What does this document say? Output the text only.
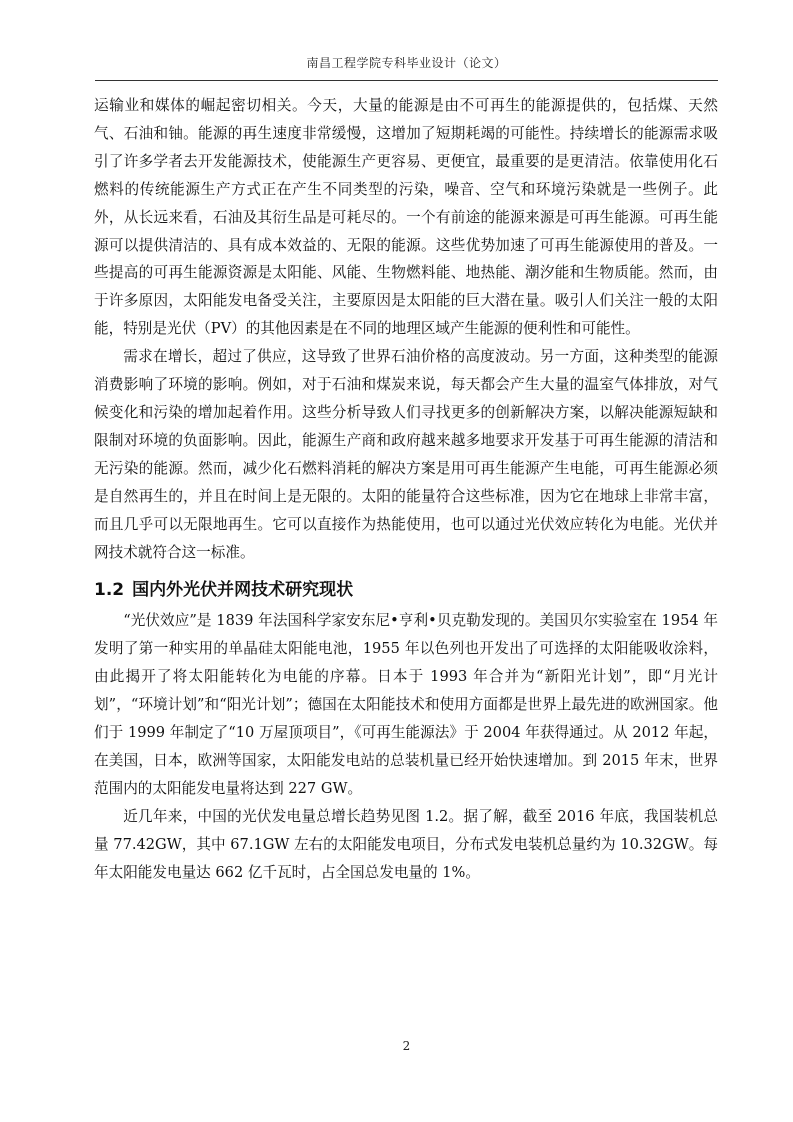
南昌工程学院专科毕业设计（论文）

运输业和媒体的崛起密切相关。今天，大量的能源是由不可再生的能源提供的，包括煤、天然气、石油和铀。能源的再生速度非常缓慢，这增加了短期耗竭的可能性。持续增长的能源需求吸引了许多学者去开发能源技术，使能源生产更容易、更便宜，最重要的是更清洁。依靠使用化石燃料的传统能源生产方式正在产生不同类型的污染，噪音、空气和环境污染就是一些例子。此外，从长远来看，石油及其衍生品是可耗尽的。一个有前途的能源来源是可再生能源。可再生能源可以提供清洁的、具有成本效益的、无限的能源。这些优势加速了可再生能源使用的普及。一些提高的可再生能源资源是太阳能、风能、生物燃料能、地热能、潮汐能和生物质能。然而，由于许多原因，太阳能发电备受关注，主要原因是太阳能的巨大潜在量。吸引人们关注一般的太阳能，特别是光伏（PV）的其他因素是在不同的地理区域产生能源的便利性和可能性。

需求在增长，超过了供应，这导致了世界石油价格的高度波动。另一方面，这种类型的能源消费影响了环境的影响。例如，对于石油和煤炭来说，每天都会产生大量的温室气体排放，对气候变化和污染的增加起着作用。这些分析导致人们寻找更多的创新解决方案，以解决能源短缺和限制对环境的负面影响。因此，能源生产商和政府越来越多地要求开发基于可再生能源的清洁和无污染的能源。然而，减少化石燃料消耗的解决方案是用可再生能源产生电能，可再生能源必须是自然再生的，并且在时间上是无限的。太阳的能量符合这些标准，因为它在地球上非常丰富，而且几乎可以无限地再生。它可以直接作为热能使用，也可以通过光伏效应转化为电能。光伏并网技术就符合这一标准。

1.2 国内外光伏并网技术研究现状

“光伏效应”是 1839 年法国科学家安东尼•亨利•贝克勒发现的。美国贝尔实验室在 1954 年发明了第一种实用的单晶硅太阳能电池，1955 年以色列也开发出了可选择的太阳能吸收涂料，由此揭开了将太阳能转化为电能的序幕。日本于 1993 年合并为“新阳光计划”，即“月光计划”，“环境计划”和“阳光计划”；德国在太阳能技术和使用方面都是世界上最先进的欧洲国家。他们于 1999 年制定了“10 万屋顶项目”，《可再生能源法》于 2004 年获得通过。从 2012 年起，在美国，日本，欧洲等国家，太阳能发电站的总装机量已经开始快速增加。到 2015 年末，世界范围内的太阳能发电量将达到 227 GW。

近几年来，中国的光伏发电量总增长趋势见图 1.2。据了解，截至 2016 年底，我国装机总量 77.42GW，其中 67.1GW 左右的太阳能发电项目，分布式发电装机总量约为 10.32GW。每年太阳能发电量达 662 亿千瓦时，占全国总发电量的 1%。

2
